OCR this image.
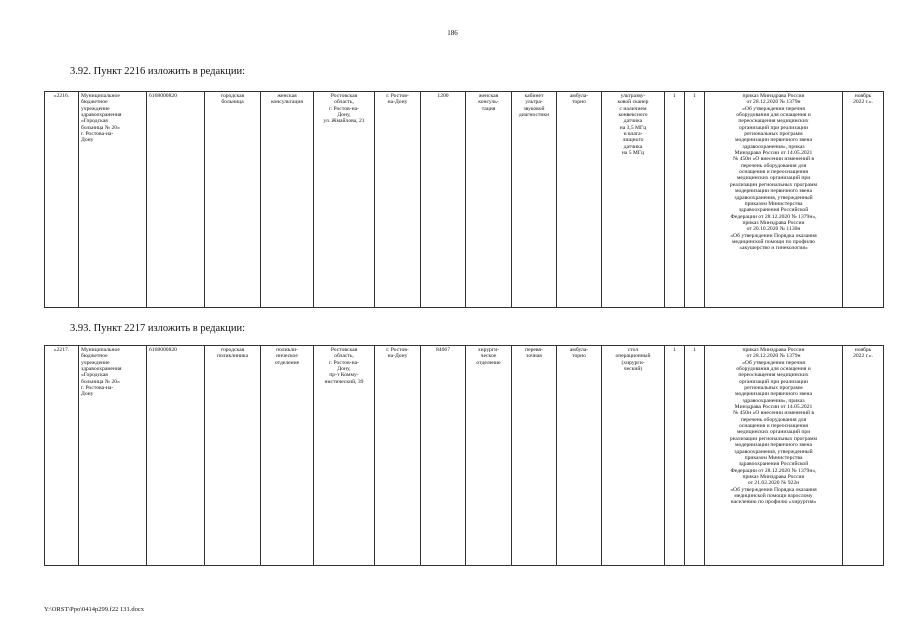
186
3.92. Пункт 2216 изложить в редакции:
«2216.	Муниципальное
бюджетное
учреждение
здравоохранения
«Городская
больница № 20»
г. Ростова-на-
Дону	6168000820	городская
больница	женская
консультация	Ростовская
область,
г. Ростов-на-
Дону,
ул. Жмайлова, 21	г. Ростов-
на-Дону	1200	женская
консуль-
тация	кабинет
ультра-
звуковой
диагностики	амбула-
торно	ультразву-
ковой сканер
с наличием
конвексного
датчика
на 3,5 МГц
и влага-
лищного
датчика
на 5 МГц	1	1	приказ Минздрава России
от 28.12.2020 № 1379н
«Об утверждении перечня
оборудования для оснащения и
переоснащения медицинских
организаций при реализации
региональных программ
модернизации первичного звена
здравоохранения», приказ
Минздрава России от 14.05.2021
№ 450н «О внесении изменений в
перечень оборудования для
оснащения и переоснащения
медицинских организаций при
реализации региональных программ
модернизации первичного звена
здравоохранения, утвержденный
приказом Министерства
здравоохранения Российской
Федерации от 28.12.2020 № 1379н»,
приказ Минздрава России
от 20.10.2020 № 1130н
«Об утверждении Порядка оказания
медицинской помощи по профилю
«акушерство и гинекология»	ноябрь
2022 г.».
3.93. Пункт 2217 изложить в редакции:
«2217.	Муниципальное
бюджетное
учреждение
здравоохранения
«Городская
больница № 20»
г. Ростова-на-
Дону	6168000820	городская
поликлиника	поликли-
ническое
отделение	Ростовская
область,
г. Ростов-на-
Дону,
пр-т Комму-
нистический, 39	г. Ростов-
на-Дону	84067	хирурги-
ческое
отделение	перевя-
зочная	амбула-
торно	стол
операционный
(хирурги-
ческий)	1	1	приказ Минздрава России
от 28.12.2020 № 1379н
«Об утверждении перечня
оборудования для оснащения и
переоснащения медицинских
организаций при реализации
региональных программ
модернизации первичного звена
здравоохранения», приказ
Минздрава России от 14.05.2021
№ 450н «О внесении изменений в
перечень оборудования для
оснащения и переоснащения
медицинских организаций при
реализации региональных программ
модернизации первичного звена
здравоохранения, утвержденный
приказом Министерства
здравоохранения Российской
Федерации от 28.12.2020 № 1379н»,
приказ Минздрава России
от 21.02.2020 № 922н
«Об утверждении Порядка оказания
медицинской помощи взрослому
населению по профилю «хирургия»	ноябрь
2022 г.».
Y:\ORST\Ppo\0414p299.f22 131.docx
